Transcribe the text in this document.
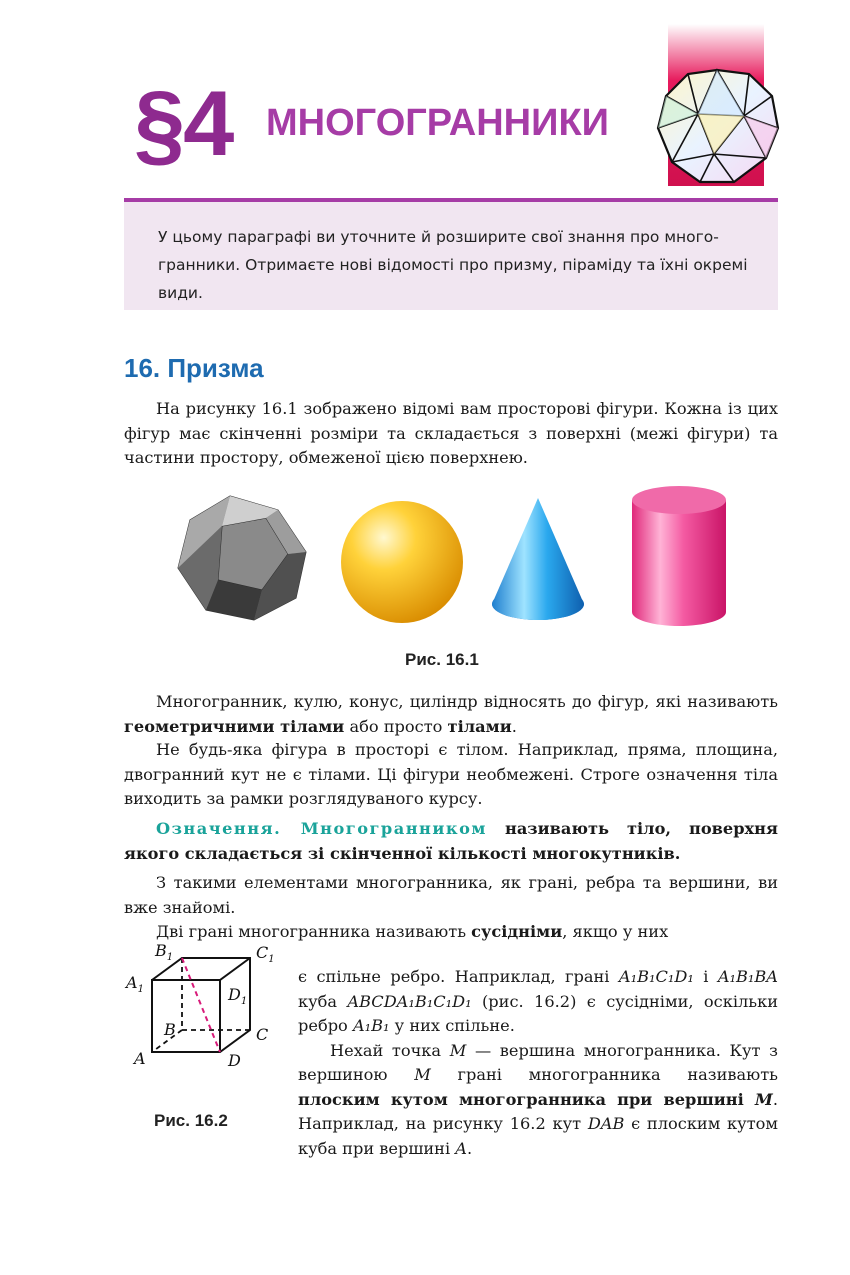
§4 МНОГОГРАННИКИ
У цьому параграфі ви уточните й розширите свої знання про много-
гранники. Отримаєте нові відомості про призму, піраміду та їхні окремі
види.
16. Призма
На рисунку 16.1 зображено відомі вам просторові фігури. Кожна із цих фігур має скінченні розміри та складається з поверхні (межі фігури) та частини простору, обмеженої цією поверхнею.
Рис. 16.1
Многогранник, кулю, конус, циліндр відносять до фігур, які називають геометричними тілами або просто тілами.
Не будь-яка фігура в просторі є тілом. Наприклад, пряма, площина, двогранний кут не є тілами. Ці фігури необмежені. Строге означення тіла виходить за рамки розглядуваного курсу.
Означення. Многогранником називають тіло, поверхня якого складається зі скінченної кількості многокутників.
З такими елементами многогранника, як грані, ребра та вершини, ви вже знайомі.
Дві грані многогранника називають сусідніми, якщо у них
$B_1$	$C_1$
$A_1$	$D_1$
B	C
A	D
Рис. 16.2
є спільне ребро. Наприклад, грані A₁B₁C₁D₁ і A₁B₁BA куба ABCDA₁B₁C₁D₁ (рис. 16.2) є сусідніми, оскільки ребро A₁B₁ у них спільне.
Нехай точка M — вершина многогранника. Кут з вершиною M грані многогранника називають плоским кутом многогранника при вершині M. Наприклад, на рисунку 16.2 кут DAB є плоским кутом куба при вершині A.
